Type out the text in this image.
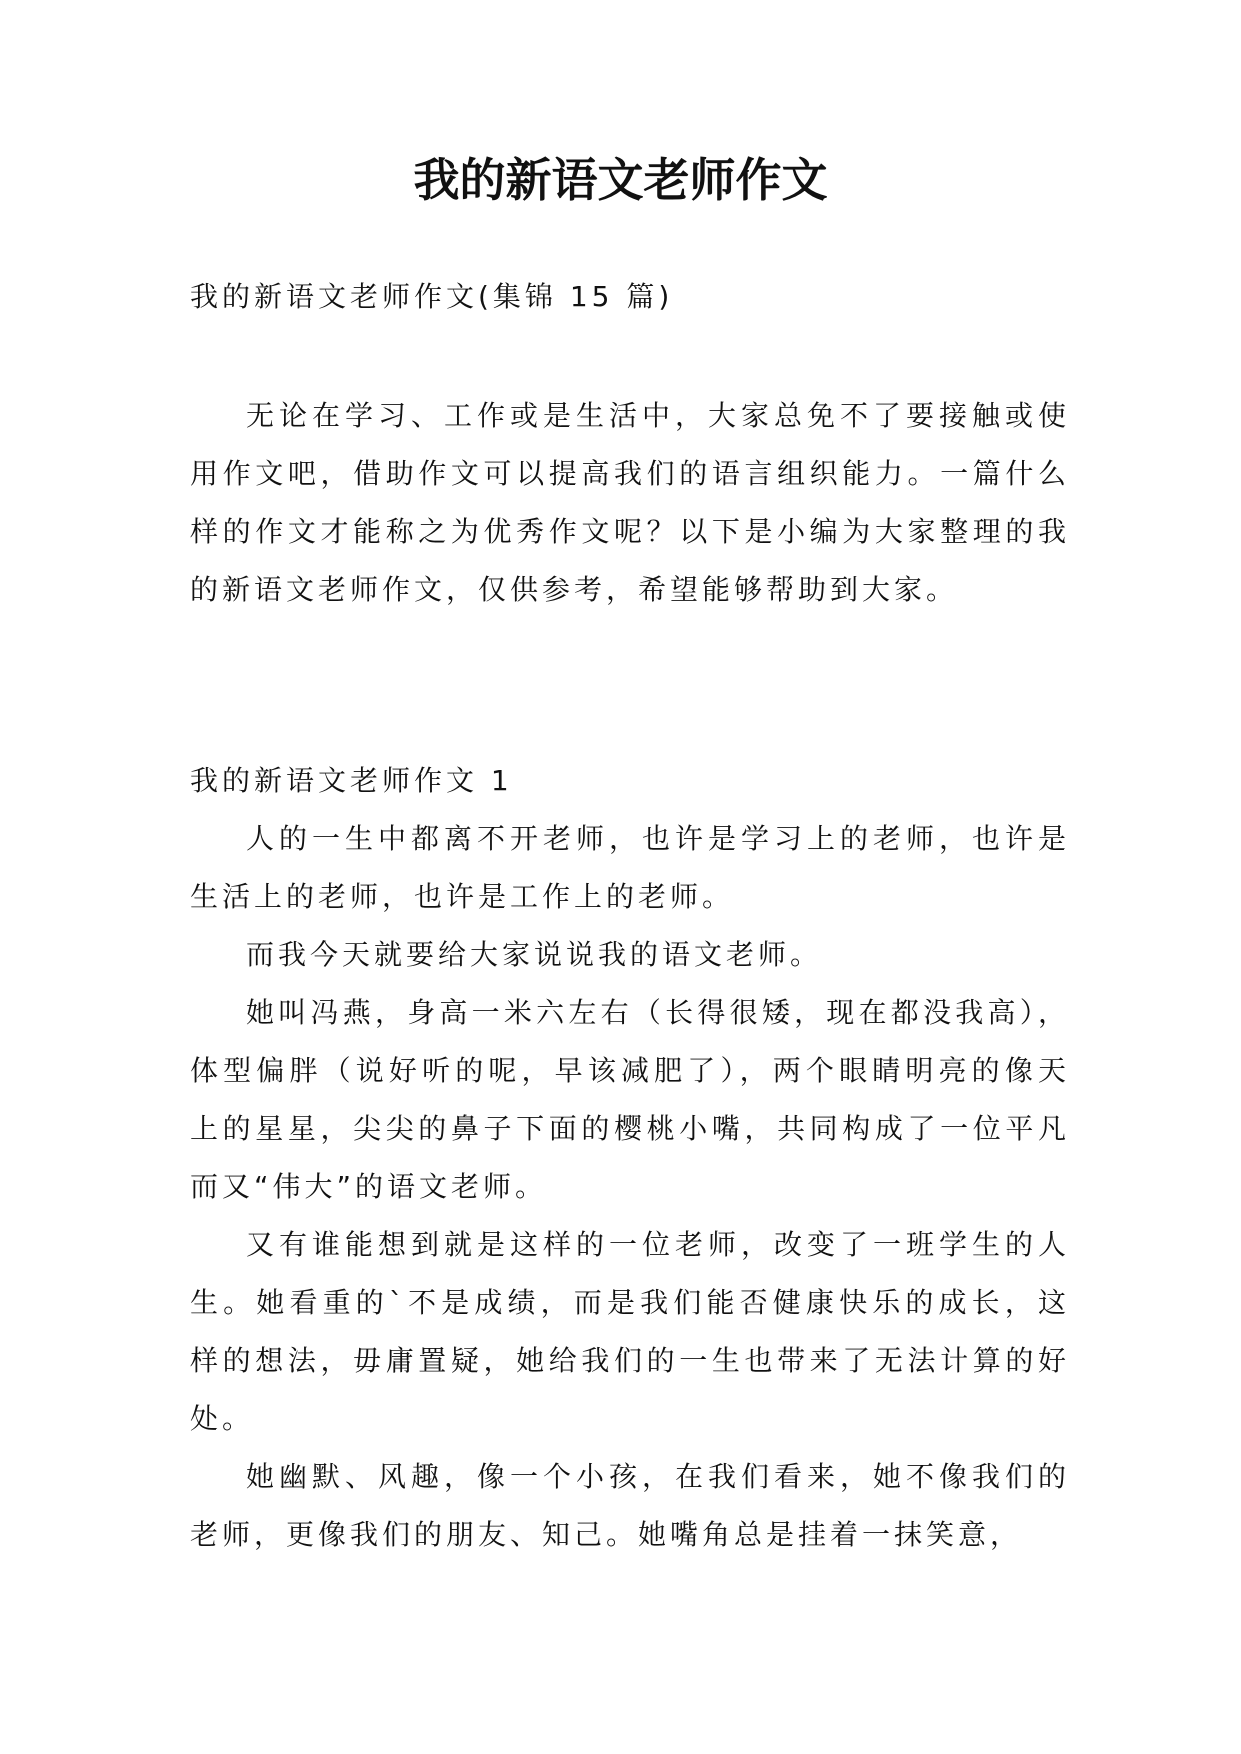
我的新语文老师作文
我的新语文老师作文(集锦 15 篇)

无论在学习、工作或是生活中，大家总免不了要接触或使用作文吧，借助作文可以提高我们的语言组织能力。一篇什么样的作文才能称之为优秀作文呢？以下是小编为大家整理的我的新语文老师作文，仅供参考，希望能够帮助到大家。

我的新语文老师作文 1

人的一生中都离不开老师，也许是学习上的老师，也许是生活上的老师，也许是工作上的老师。

而我今天就要给大家说说我的语文老师。

她叫冯燕，身高一米六左右（长得很矮，现在都没我高），体型偏胖（说好听的呢，早该减肥了），两个眼睛明亮的像天上的星星，尖尖的鼻子下面的樱桃小嘴，共同构成了一位平凡而又“伟大”的语文老师。

又有谁能想到就是这样的一位老师，改变了一班学生的人生。她看重的`不是成绩，而是我们能否健康快乐的成长，这样的想法，毋庸置疑，她给我们的一生也带来了无法计算的好处。

她幽默、风趣，像一个小孩，在我们看来，她不像我们的老师，更像我们的朋友、知己。她嘴角总是挂着一抹笑意，
